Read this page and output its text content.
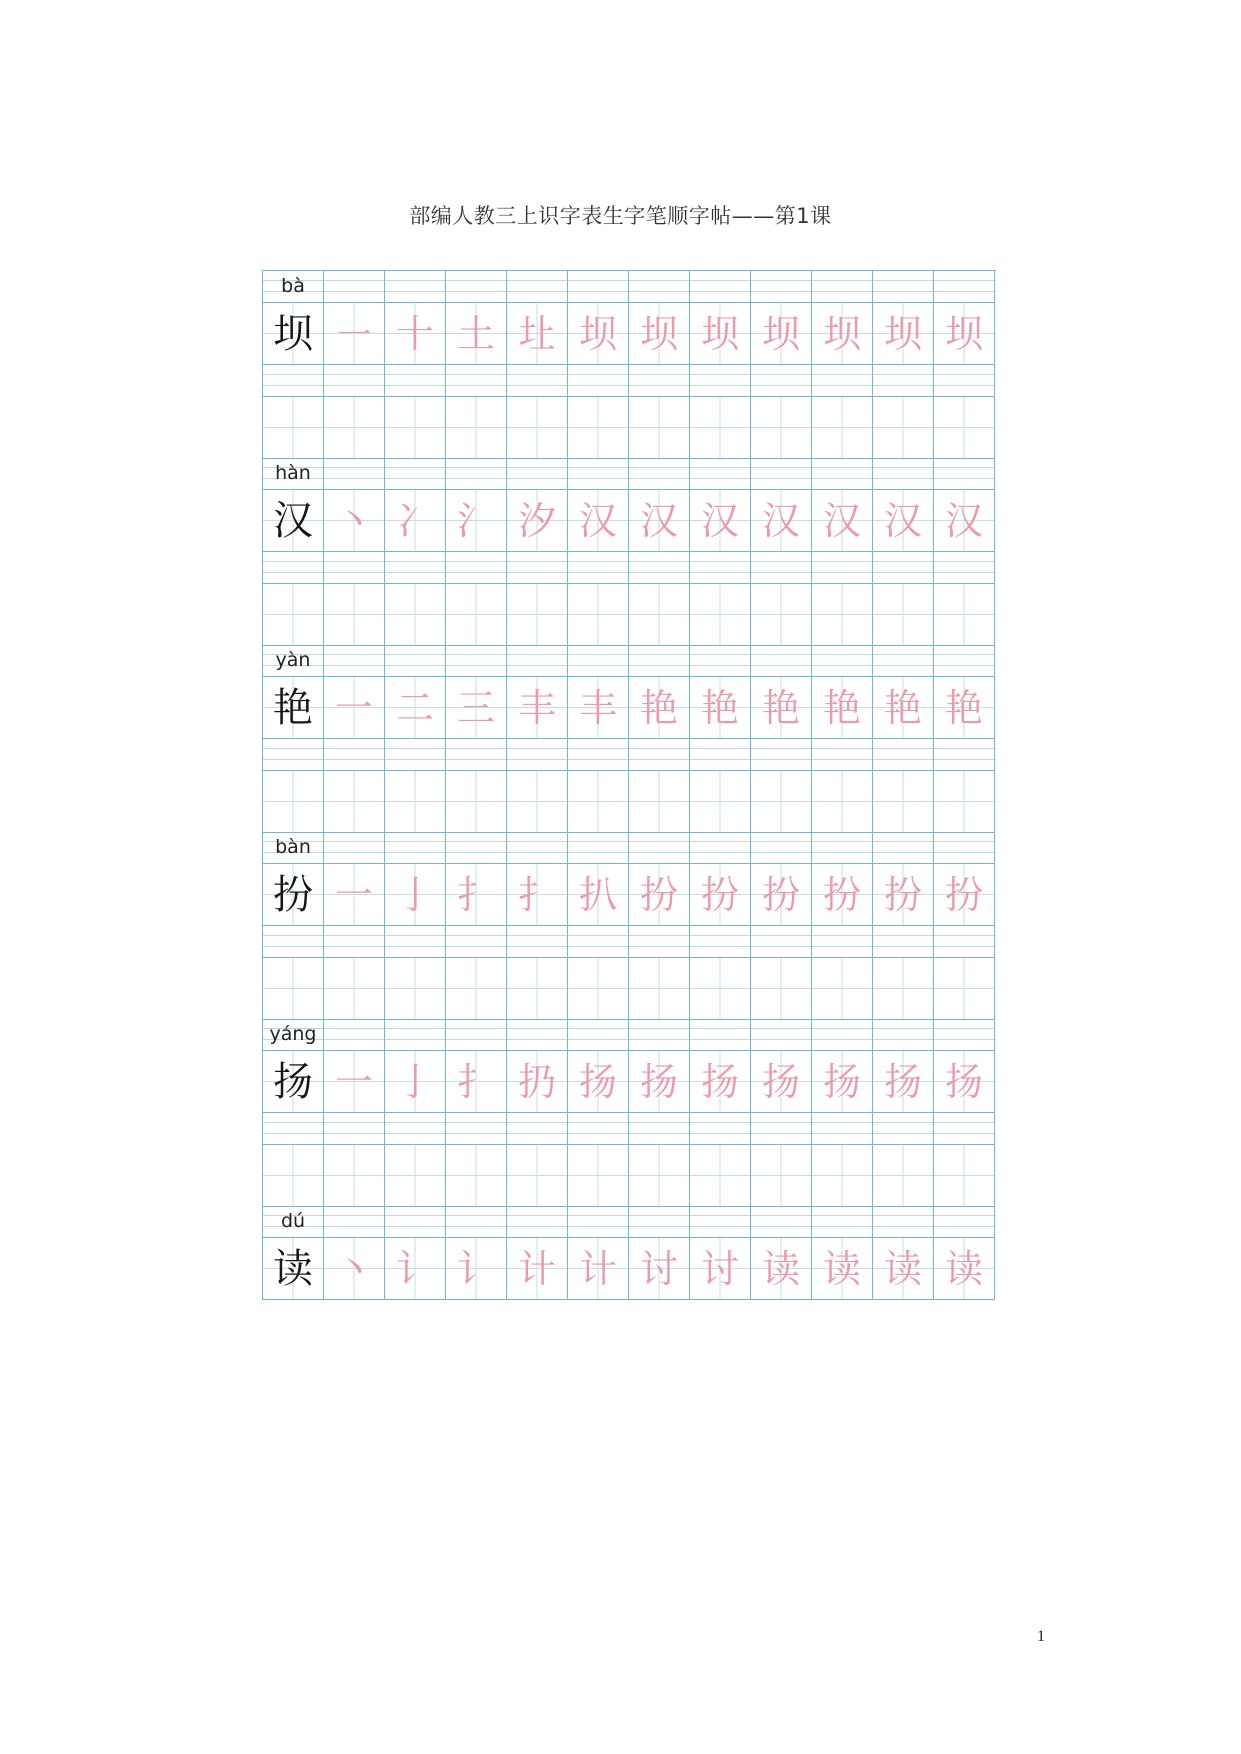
部编人教三上识字表生字笔顺字帖——第1课
bà
坝 ㇐ 十 土 圵 坝 坝 坝 坝 坝 坝 坝
hàn
汉 丶 冫 氵 汐 汉 汉 汉 汉 汉 汉 汉
yàn
艳 一 二 三 丰 丰 艳 艳 艳 艳 艳 艳
bàn
扮 一 亅 扌 扌 扒 扮 扮 扮 扮 扮 扮
yáng
扬 一 亅 扌 扔 扬 扬 扬 扬 扬 扬 扬
dú
读 丶 讠 讠 计 计 讨 讨 读 读 读 读
1
